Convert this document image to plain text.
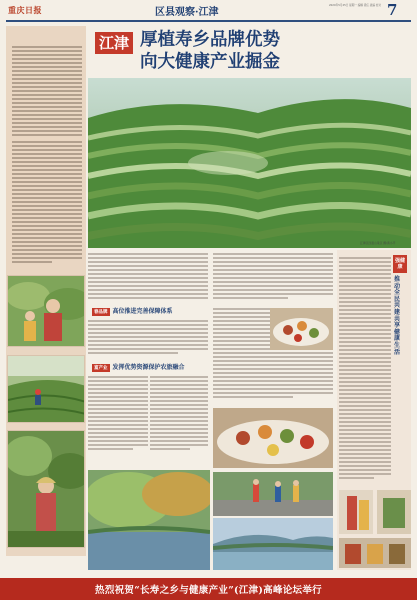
重庆日报	区县观察·江津
2020年5月25日 星期一 编辑 责任 美编 校对 7
江津 厚植寿乡品牌优势
向大健康产业掘金
江津区四面山景区 摄/黄小平
春品牌 高位推进完善保障体系
富产业 发挥优势资源保护农旅融合
强健康
推动全民共建共享健康生活
热烈祝贺“长寿之乡与健康产业”(江津)高峰论坛举行
